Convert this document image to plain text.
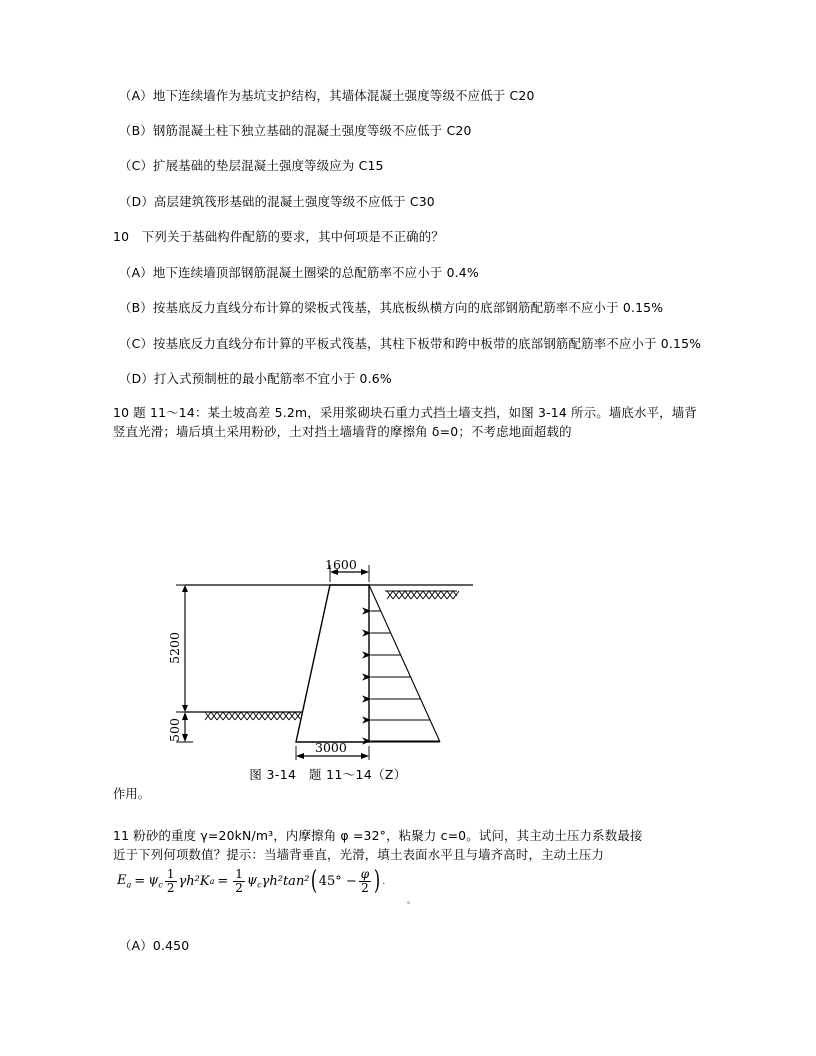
（A）地下连续墙作为基坑支护结构，其墙体混凝土强度等级不应低于 C20

（B）钢筋混凝土柱下独立基础的混凝土强度等级不应低于 C20

（C）扩展基础的垫层混凝土强度等级应为 C15

（D）高层建筑筏形基础的混凝土强度等级不应低于 C30

10　下列关于基础构件配筋的要求，其中何项是不正确的？

（A）地下连续墙顶部钢筋混凝土圈梁的总配筋率不应小于 0.4%

（B）按基底反力直线分布计算的梁板式筏基，其底板纵横方向的底部钢筋配筋率不应小于 0.15%

（C）按基底反力直线分布计算的平板式筏基，其柱下板带和跨中板带的底部钢筋配筋率不应小于 0.15%

（D）打入式预制桩的最小配筋率不宜小于 0.6%

10 题 11～14：某土坡高差 5.2m，采用浆砌块石重力式挡土墙支挡，如图 3-14 所示。墙底水平，墙背竖直光滑；墙后填土采用粉砂，土对挡土墙墙背的摩擦角 δ=0；不考虑地面超载的

1600
5200
500
3000
图 3-14　题 11～14（Z）
作用。

11 粉砂的重度 γ=20kN/m³，内摩擦角 φ =32°，粘聚力 c=0。试问，其主动土压力系数最接

近于下列何项数值？提示：当墙背垂直，光滑，填土表面水平且与墙齐高时，主动土压力

$E_a = \psi_c \frac{1}{2} \gamma h^2K$ $a = \frac{1}{2} \psi_c$ γh²tan² ( $45^\circ - \frac{\varphi}{2}$ ) .
。

（A）0.450
